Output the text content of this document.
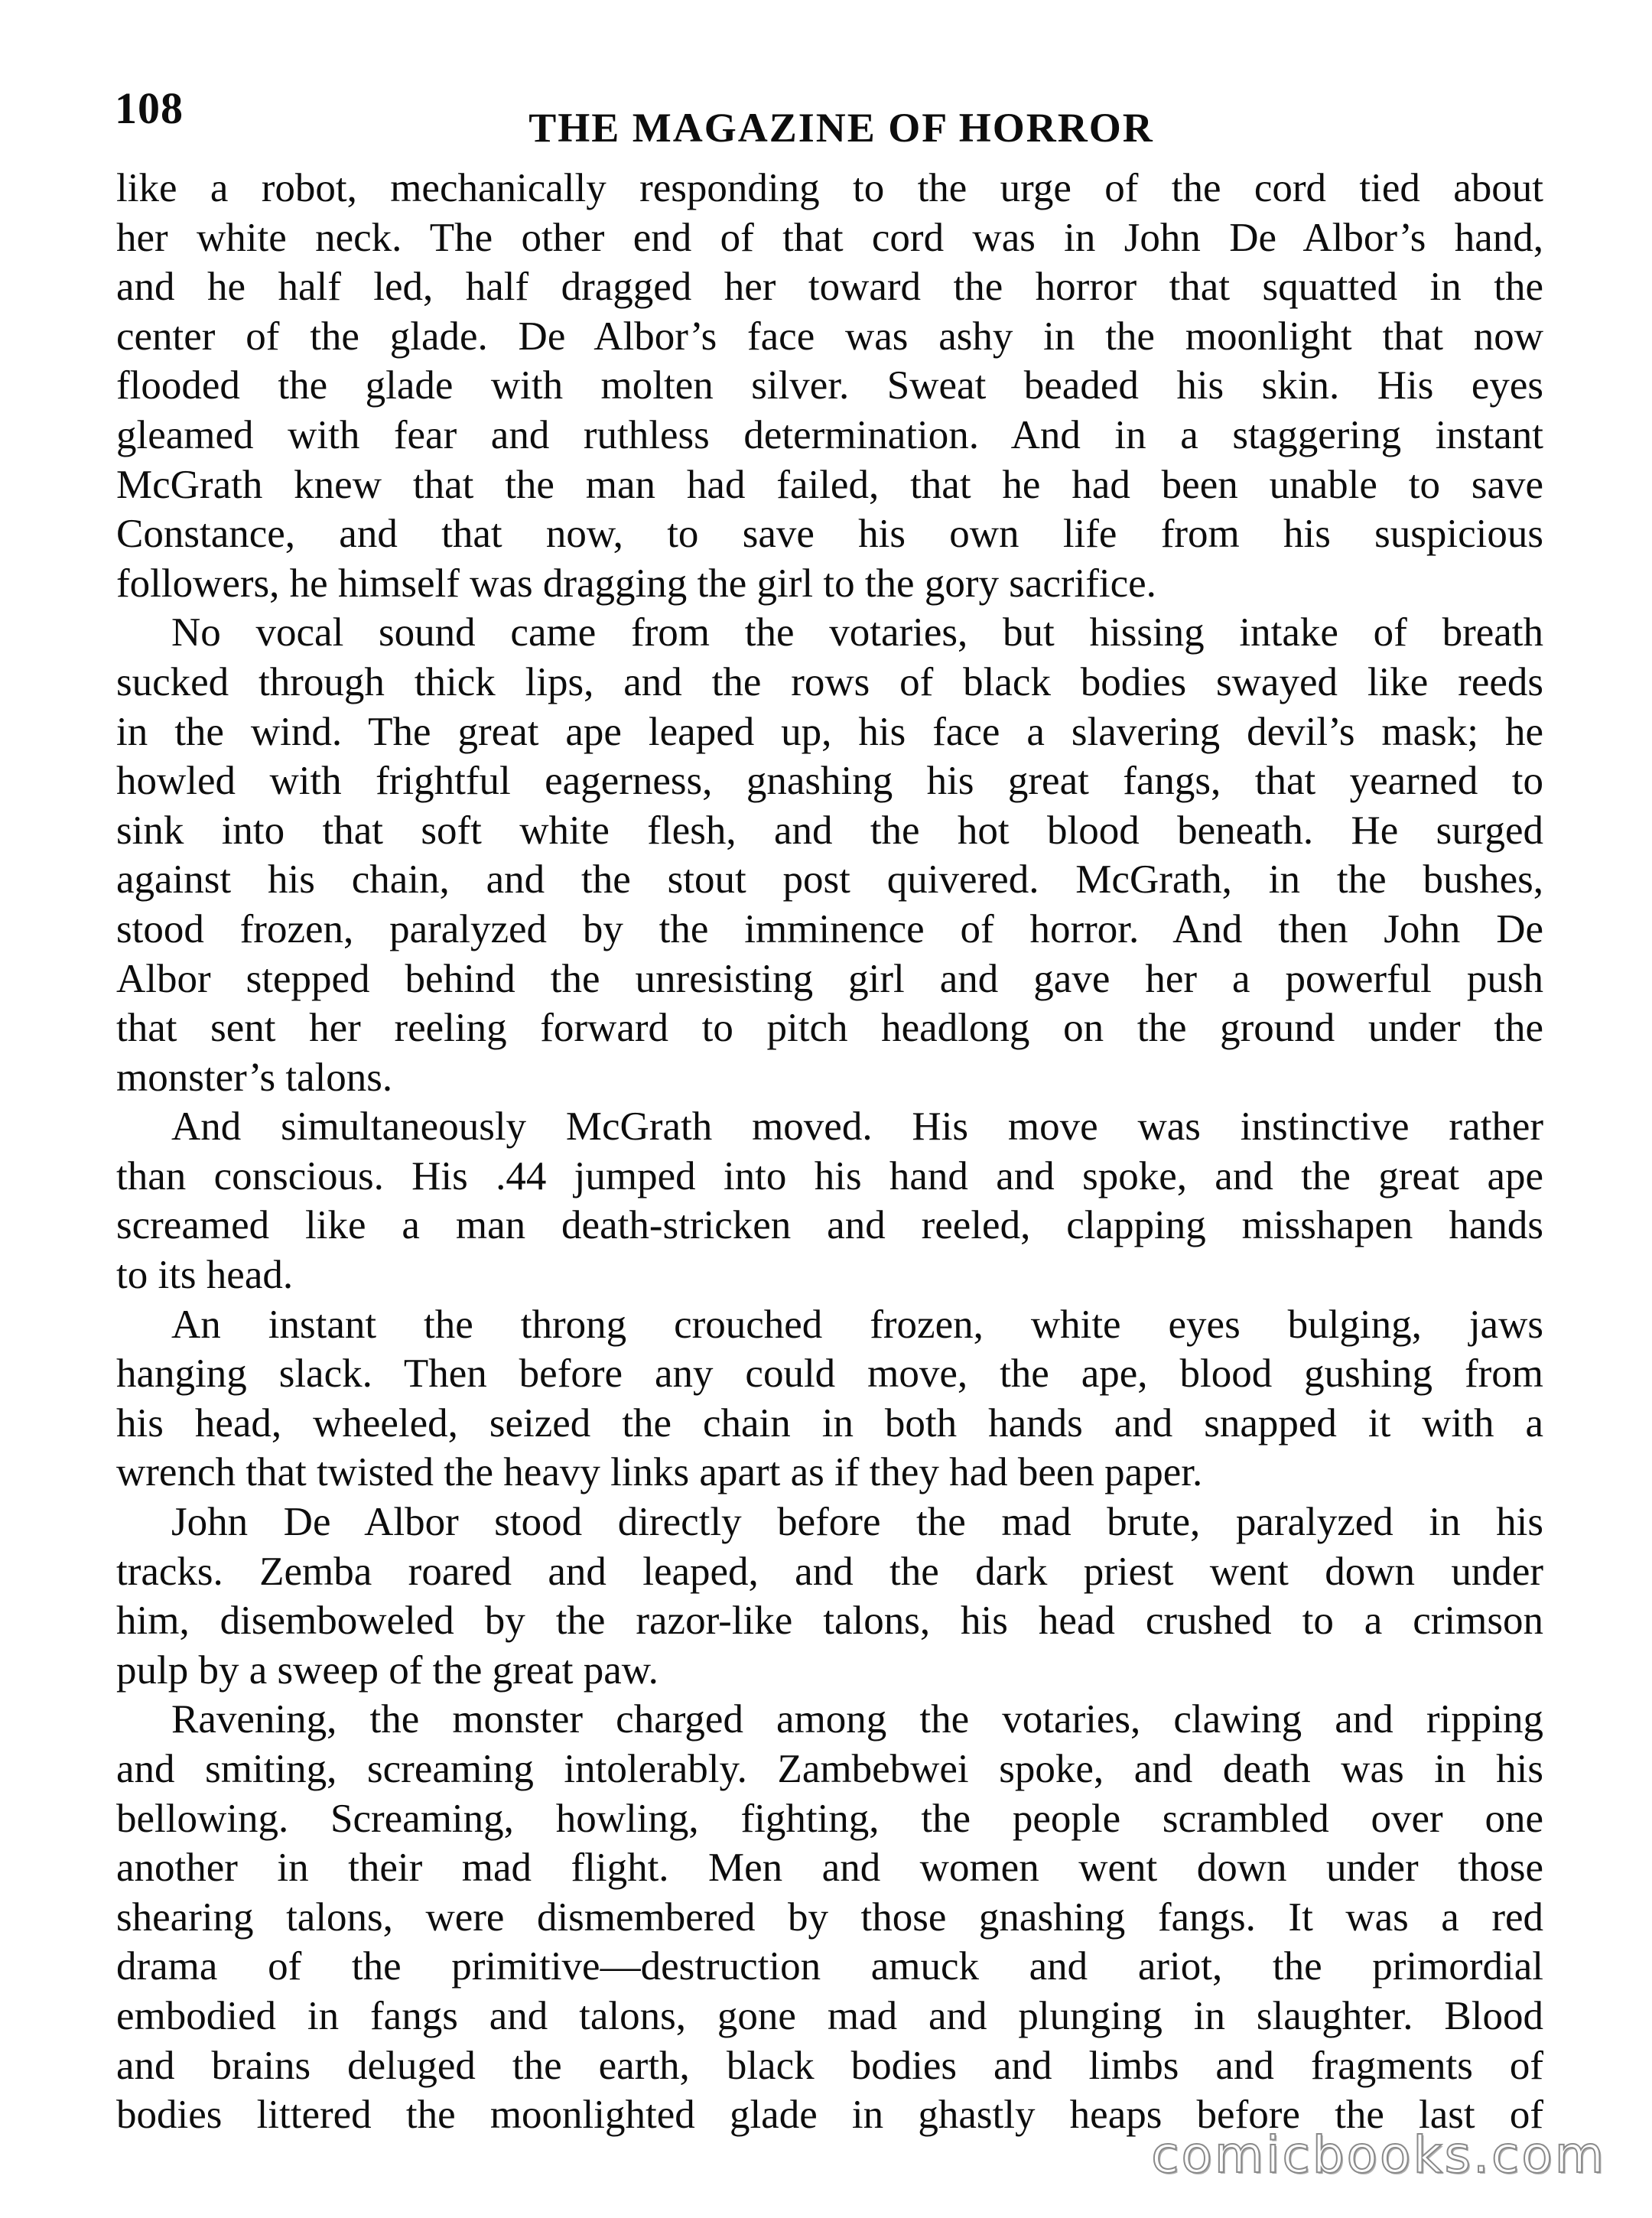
108	THE MAGAZINE OF HORROR
like a robot, mechanically responding to the urge of the cord tied about
her white neck. The other end of that cord was in John De Albor’s hand,
and he half led, half dragged her toward the horror that squatted in the
center of the glade. De Albor’s face was ashy in the moonlight that now
flooded the glade with molten silver. Sweat beaded his skin. His eyes
gleamed with fear and ruthless determination. And in a staggering instant
McGrath knew that the man had failed, that he had been unable to save
Constance, and that now, to save his own life from his suspicious
followers, he himself was dragging the girl to the gory sacrifice.
No vocal sound came from the votaries, but hissing intake of breath
sucked through thick lips, and the rows of black bodies swayed like reeds
in the wind. The great ape leaped up, his face a slavering devil’s mask; he
howled with frightful eagerness, gnashing his great fangs, that yearned to
sink into that soft white flesh, and the hot blood beneath. He surged
against his chain, and the stout post quivered. McGrath, in the bushes,
stood frozen, paralyzed by the imminence of horror. And then John De
Albor stepped behind the unresisting girl and gave her a powerful push
that sent her reeling forward to pitch headlong on the ground under the
monster’s talons.
And simultaneously McGrath moved. His move was instinctive rather
than conscious. His .44 jumped into his hand and spoke, and the great ape
screamed like a man death-stricken and reeled, clapping misshapen hands
to its head.
An instant the throng crouched frozen, white eyes bulging, jaws
hanging slack. Then before any could move, the ape, blood gushing from
his head, wheeled, seized the chain in both hands and snapped it with a
wrench that twisted the heavy links apart as if they had been paper.
John De Albor stood directly before the mad brute, paralyzed in his
tracks. Zemba roared and leaped, and the dark priest went down under
him, disemboweled by the razor-like talons, his head crushed to a crimson
pulp by a sweep of the great paw.
Ravening, the monster charged among the votaries, clawing and ripping
and smiting, screaming intolerably. Zambebwei spoke, and death was in his
bellowing. Screaming, howling, fighting, the people scrambled over one
another in their mad flight. Men and women went down under those
shearing talons, were dismembered by those gnashing fangs. It was a red
drama of the primitive—destruction amuck and ariot, the primordial
embodied in fangs and talons, gone mad and plunging in slaughter. Blood
and brains deluged the earth, black bodies and limbs and fragments of
bodies littered the moonlighted glade in ghastly heaps before the last of
comicbooks.com
